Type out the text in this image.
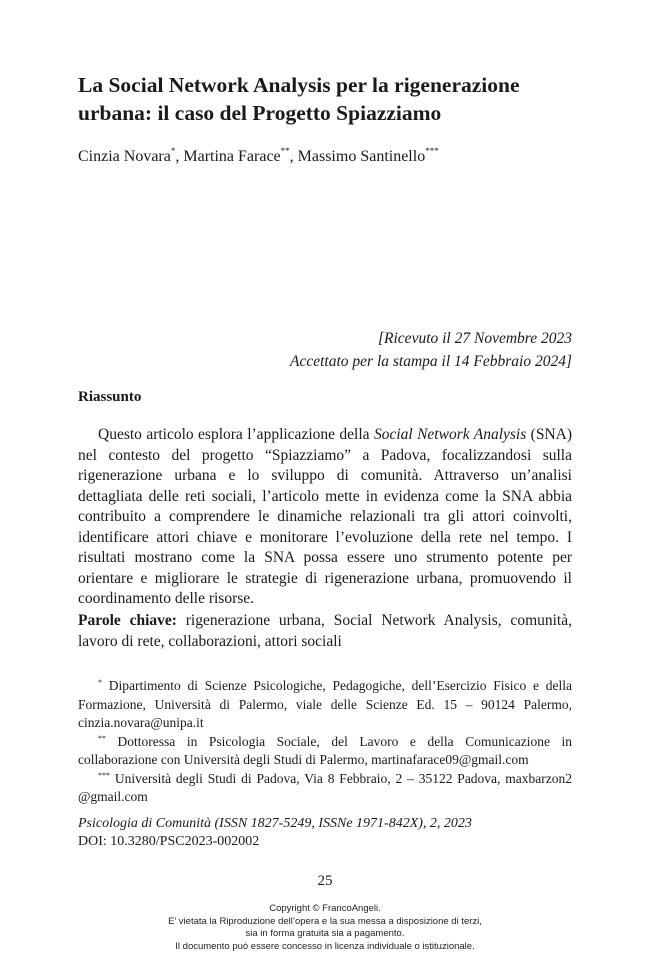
La Social Network Analysis per la rigenerazione urbana: il caso del Progetto Spiazziamo
Cinzia Novara*, Martina Farace**, Massimo Santinello***
[Ricevuto il 27 Novembre 2023
Accettato per la stampa il 14 Febbraio 2024]
Riassunto

Questo articolo esplora l’applicazione della Social Network Analysis (SNA) nel contesto del progetto “Spiazziamo” a Padova, focalizzandosi sulla rigenerazione urbana e lo sviluppo di comunità. Attraverso un’analisi dettagliata delle reti sociali, l’articolo mette in evidenza come la SNA abbia contribuito a comprendere le dinamiche relazionali tra gli attori coinvolti, identificare attori chiave e monitorare l’evoluzione della rete nel tempo. I risultati mostrano come la SNA possa essere uno strumento potente per orientare e migliorare le strategie di rigenerazione urbana, promuovendo il coordinamento delle risorse.

Parole chiave: rigenerazione urbana, Social Network Analysis, comunità, lavoro di rete, collaborazioni, attori sociali

* Dipartimento di Scienze Psicologiche, Pedagogiche, dell’Esercizio Fisico e della Formazione, Università di Palermo, viale delle Scienze Ed. 15 – 90124 Palermo, cinzia.novara@unipa.it

** Dottoressa in Psicologia Sociale, del Lavoro e della Comunicazione in collaborazione con Università degli Studi di Palermo, martinafarace09@gmail.com

*** Università degli Studi di Padova, Via 8 Febbraio, 2 – 35122 Padova, maxbarzon2 @gmail.com

Psicologia di Comunità (ISSN 1827-5249, ISSNe 1971-842X), 2, 2023
DOI: 10.3280/PSC2023-002002
25
Copyright © FrancoAngeli.
E’ vietata la Riproduzione dell’opera e la sua messa a disposizione di terzi,
sia in forma gratuita sia a pagamento.
Il documento può essere concesso in licenza individuale o istituzionale.
